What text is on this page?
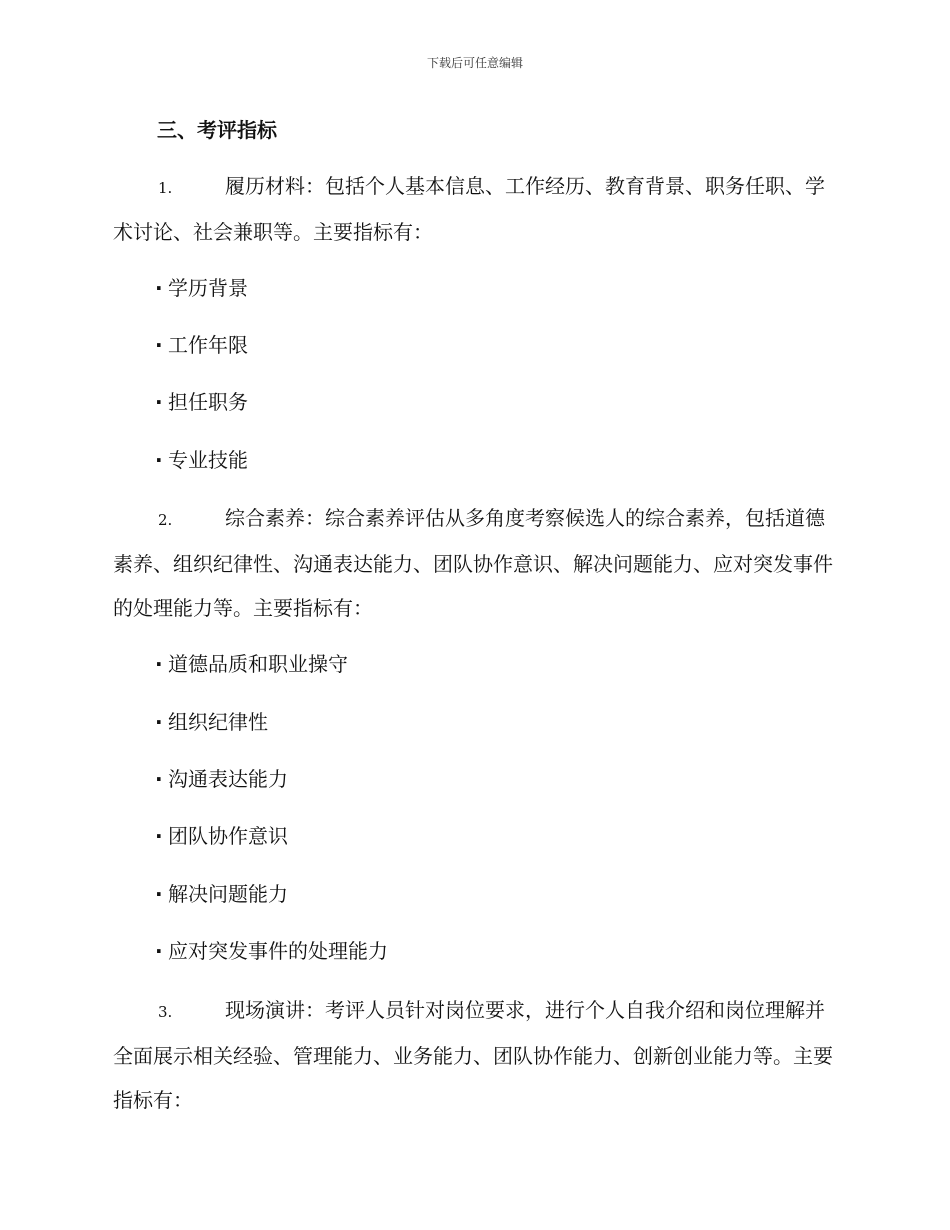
下载后可任意编辑
三、考评指标

1.	履历材料：包括个人基本信息、工作经历、教育背景、职务任职、学术讨论、社会兼职等。主要指标有：

· 学历背景

· 工作年限

· 担任职务

· 专业技能

2.	综合素养：综合素养评估从多角度考察候选人的综合素养，包括道德素养、组织纪律性、沟通表达能力、团队协作意识、解决问题能力、应对突发事件的处理能力等。主要指标有：

· 道德品质和职业操守

· 组织纪律性

· 沟通表达能力

· 团队协作意识

· 解决问题能力

· 应对突发事件的处理能力

3.	现场演讲：考评人员针对岗位要求，进行个人自我介绍和岗位理解并全面展示相关经验、管理能力、业务能力、团队协作能力、创新创业能力等。主要指标有：
